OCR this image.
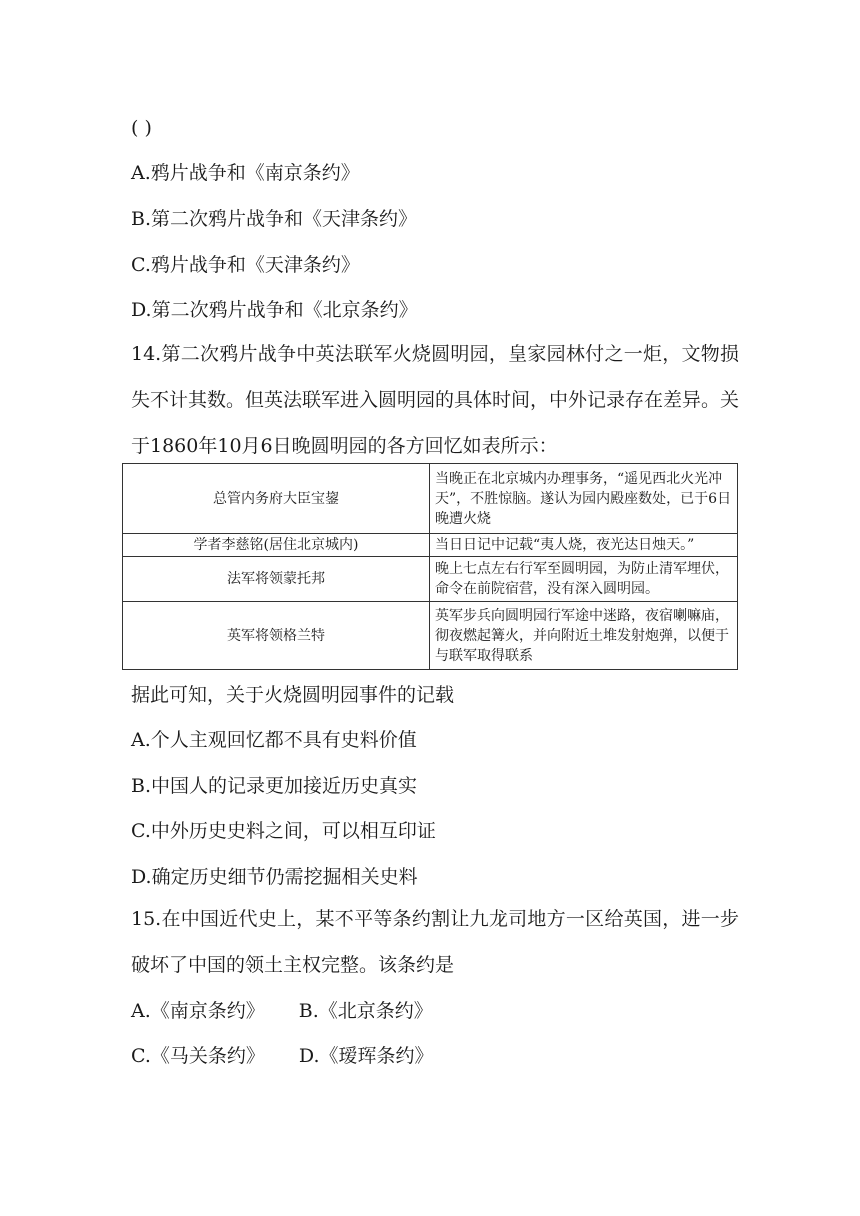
( )
A.鸦片战争和《南京条约》
B.第二次鸦片战争和《天津条约》
C.鸦片战争和《天津条约》
D.第二次鸦片战争和《北京条约》
14.第二次鸦片战争中英法联军火烧圆明园，皇家园林付之一炬，文物损失不计其数。但英法联军进入圆明园的具体时间，中外记录存在差异。关于1860年10月6日晚圆明园的各方回忆如表所示：
总管内务府大臣宝鋆	当晚正在北京城内办理事务，“遥见西北火光冲天”，不胜惊脑。遂认为园内殿座数处，已于6日晚遭火烧
学者李慈铭(居住北京城内)	当日日记中记载“夷人烧，夜光达日烛天。”
法军将领蒙托邦	晚上七点左右行军至圆明园，为防止清军埋伏，命令在前院宿营，没有深入圆明园。
英军将领格兰特	英军步兵向圆明园行军途中迷路，夜宿喇嘛庙，彻夜燃起篝火，并向附近土堆发射炮弹，以便于与联军取得联系
据此可知，关于火烧圆明园事件的记载
A.个人主观回忆都不具有史料价值
B.中国人的记录更加接近历史真实
C.中外历史史料之间，可以相互印证
D.确定历史细节仍需挖掘相关史料
15.在中国近代史上，某不平等条约割让九龙司地方一区给英国，进一步破坏了中国的领土主权完整。该条约是
A.《南京条约》 B.《北京条约》
C.《马关条约》 D.《瑷珲条约》
